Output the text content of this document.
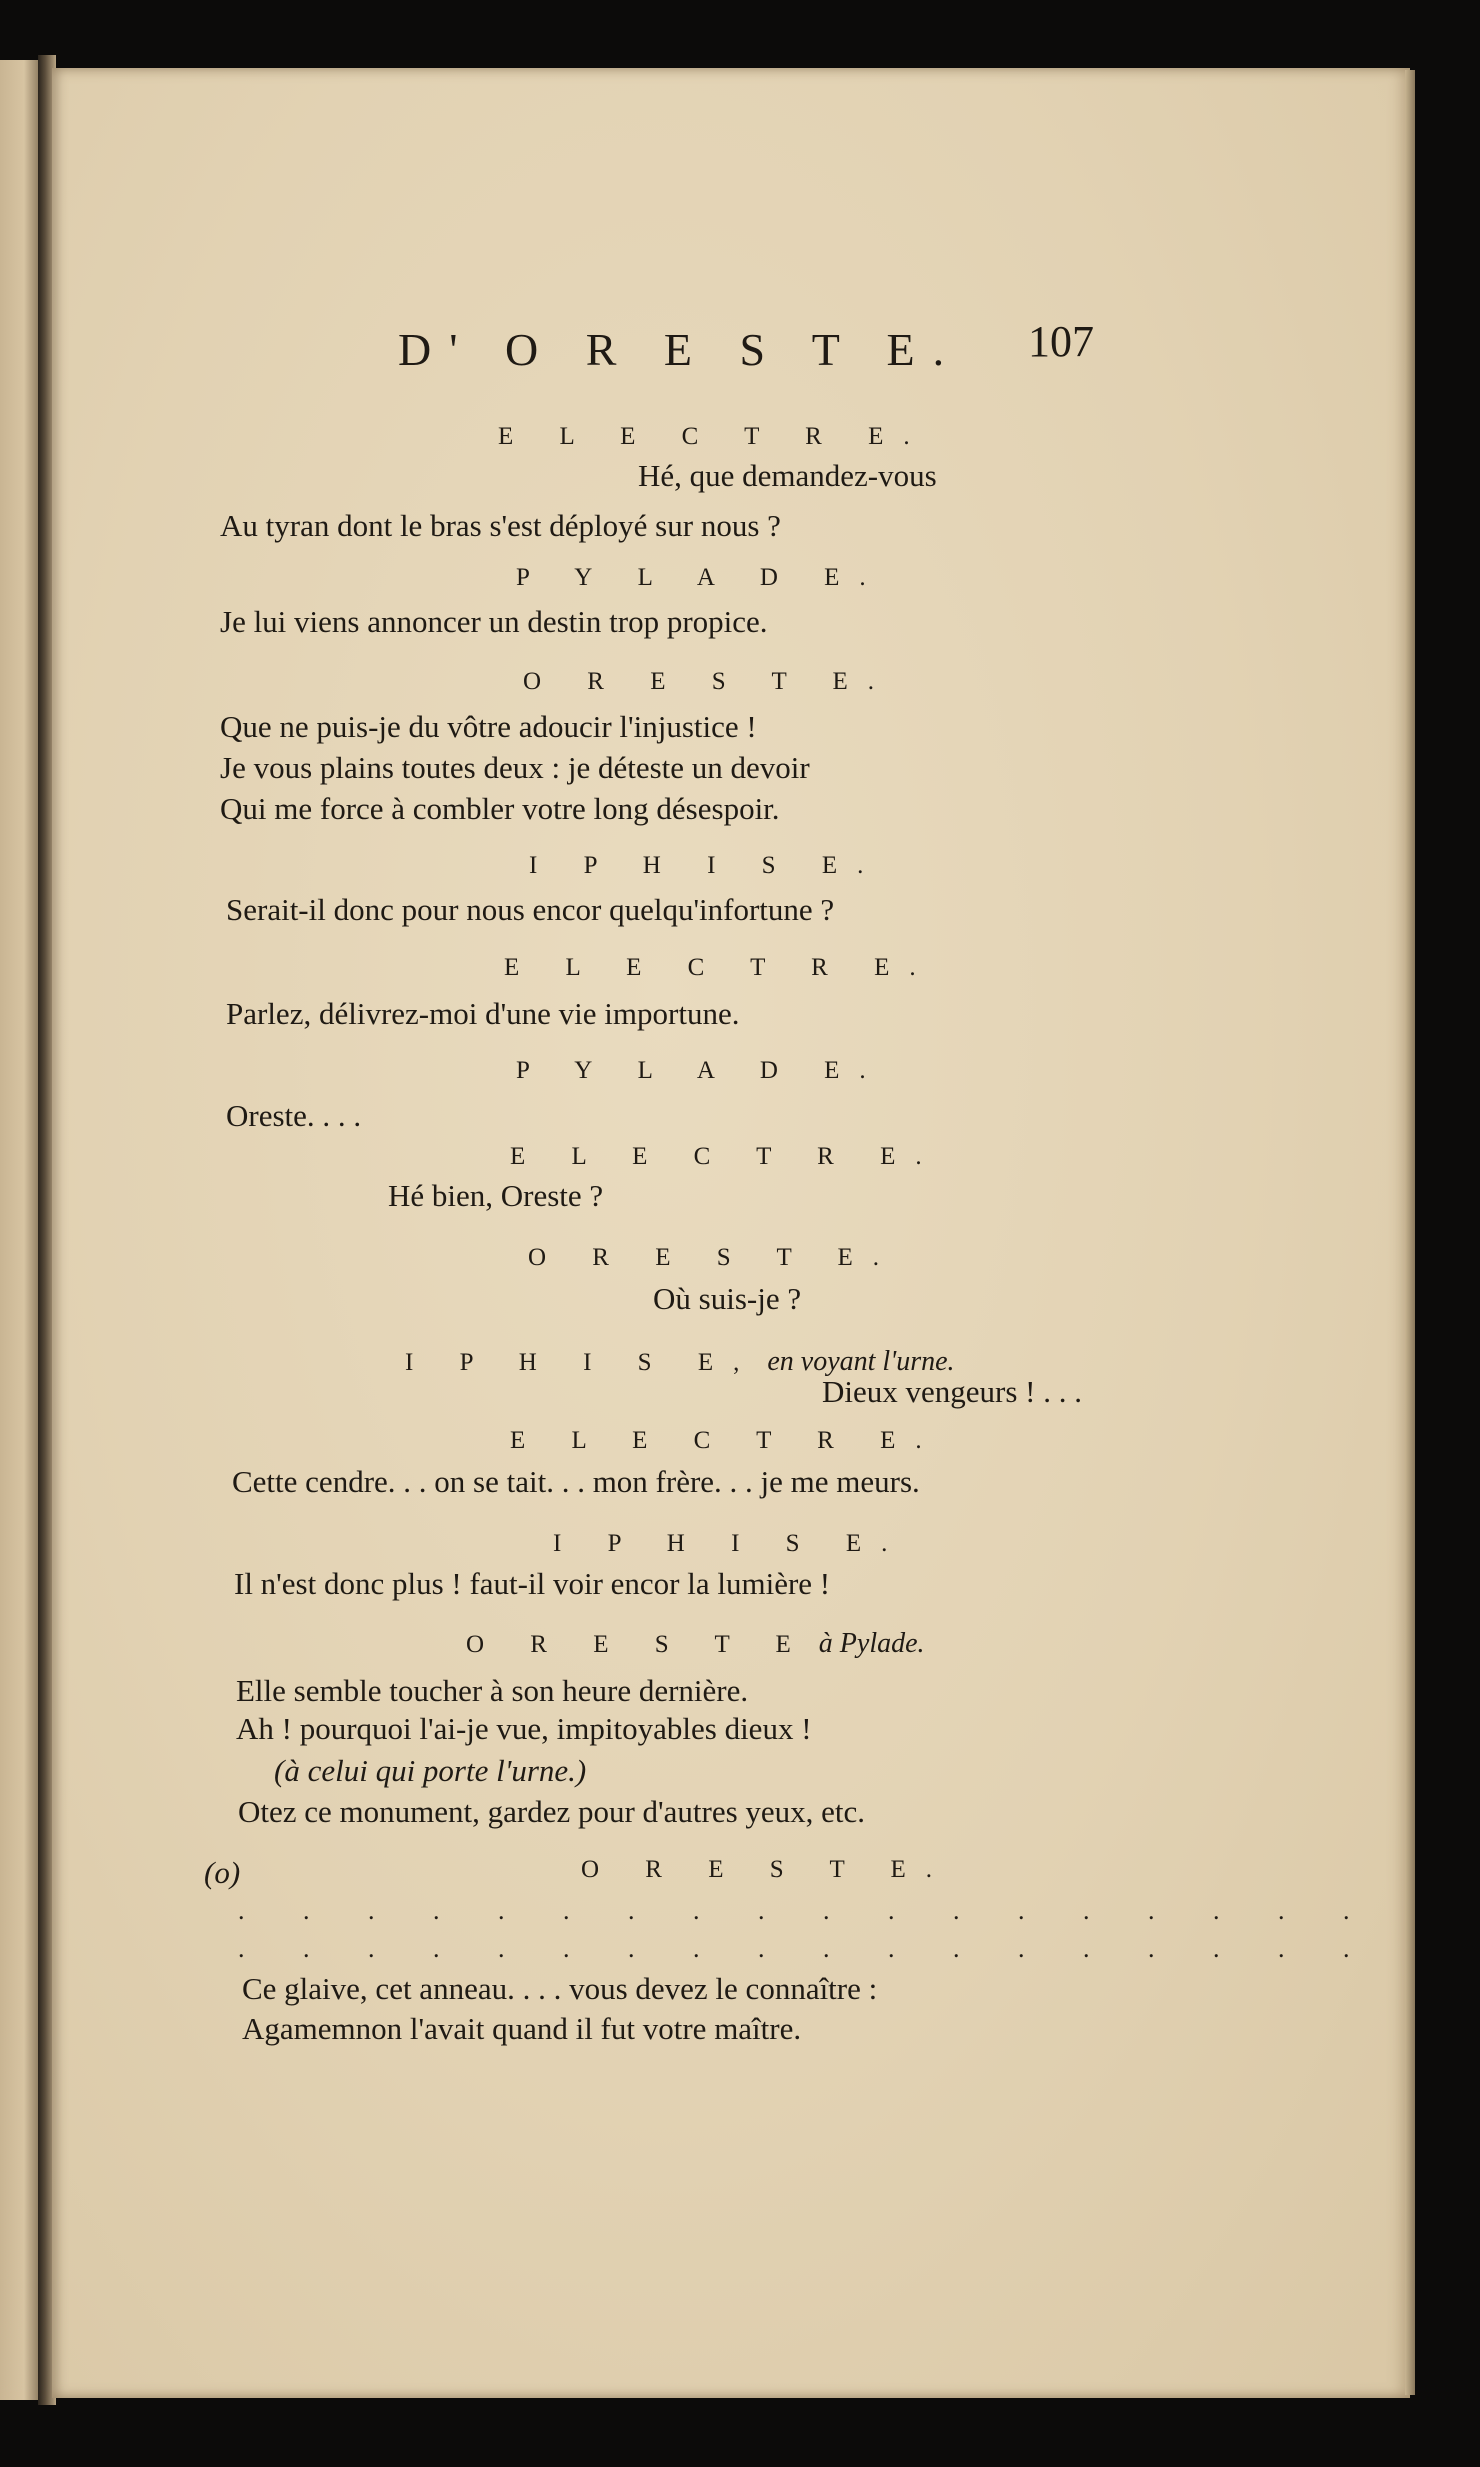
D' O R E S T E. 107
E L E C T R E.
Hé, que demandez-vous
Au tyran dont le bras s'est déployé sur nous ?
P Y L A D E.
Je lui viens annoncer un destin trop propice.
O R E S T E.
Que ne puis-je du vôtre adoucir l'injustice !
Je vous plains toutes deux : je déteste un devoir
Qui me force à combler votre long désespoir.
I P H I S E.
Serait-il donc pour nous encor quelqu'infortune ?
E L E C T R E.
Parlez, délivrez-moi d'une vie importune.
P Y L A D E.
Oreste. . . .
E L E C T R E.
Hé bien, Oreste ?
O R E S T E.
Où suis-je ?
I P H I S E, en voyant l'urne.
Dieux vengeurs ! . . .
E L E C T R E.
Cette cendre. . . on se tait. . . mon frère. . . je me meurs.
I P H I S E.
Il n'est donc plus ! faut-il voir encor la lumière !
O R E S T E à Pylade.
Elle semble toucher à son heure dernière.
Ah ! pourquoi l'ai-je vue, impitoyables dieux !
(à celui qui porte l'urne.)
Otez ce monument, gardez pour d'autres yeux, etc.
(o)	O R E S T E.
. . . . . . . . . . . . . . . . . .
. . . . . . . . . . . . . . . . . .
Ce glaive, cet anneau. . . . vous devez le connaître :
Agamemnon l'avait quand il fut votre maître.
